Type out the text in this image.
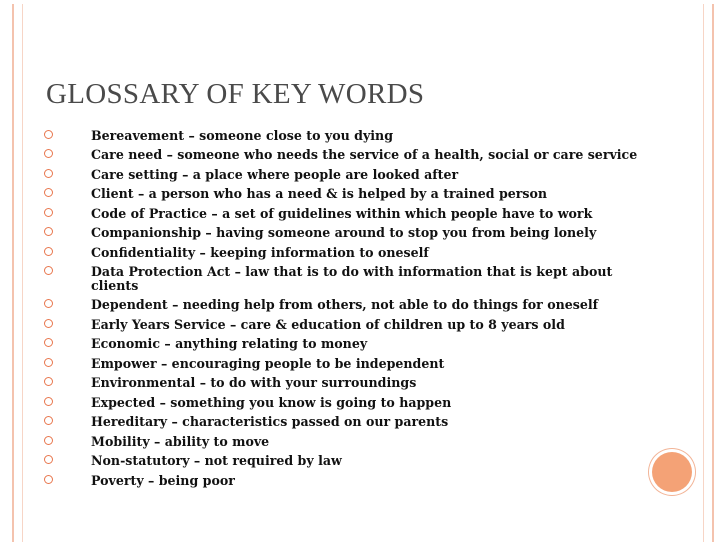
GLOSSARY OF KEY WORDS
Bereavement – someone close to you dying
Care need – someone who needs the service of a health, social or care service
Care setting – a place where people are looked after
Client – a person who has a need & is helped by a trained person
Code of Practice – a set of guidelines within which people have to work
Companionship – having someone around to stop you from being lonely
Confidentiality – keeping information to oneself
Data Protection Act – law that is to do with information that is kept about clients
Dependent – needing help from others, not able to do things for oneself
Early Years Service – care & education of children up to 8 years old
Economic – anything relating to money
Empower – encouraging people to be independent
Environmental – to do with your surroundings
Expected – something you know is going to happen
Hereditary – characteristics passed on our parents
Mobility – ability to move
Non-statutory – not required by law
Poverty – being poor
